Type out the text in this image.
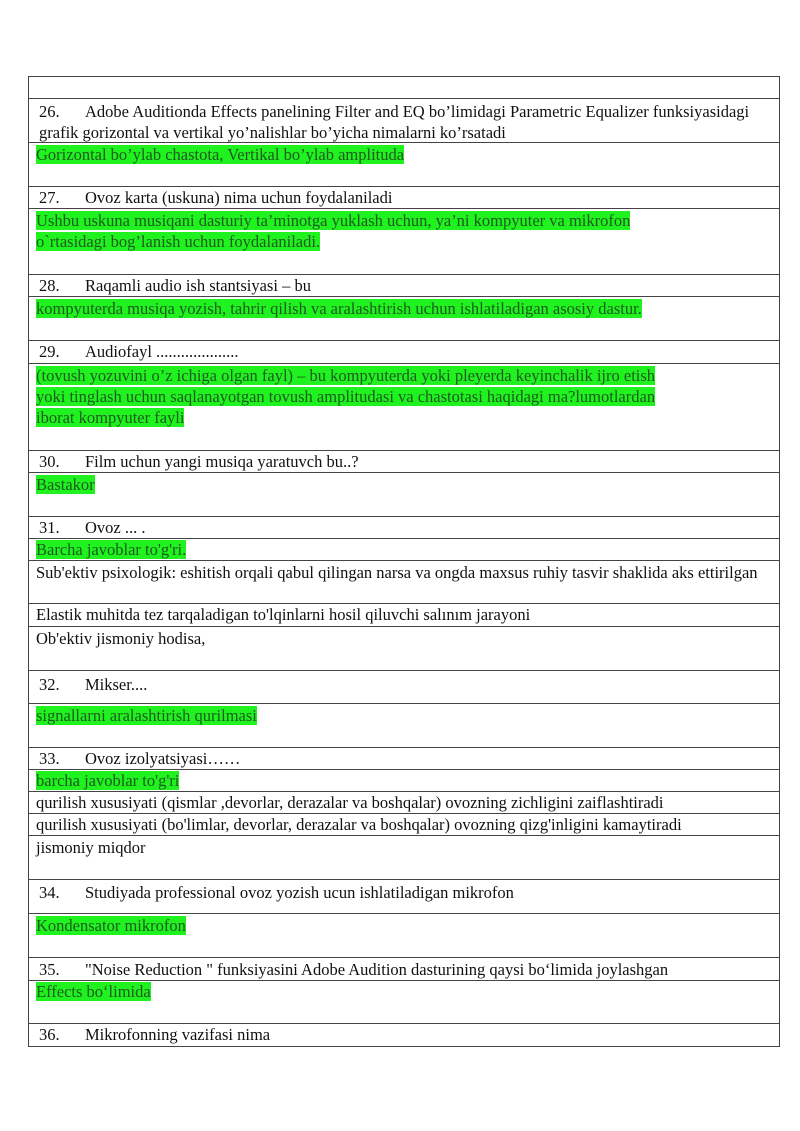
26. Adobe Auditionda Effects panelining Filter and EQ bo’limidagi Parametric Equalizer funksiyasidagi grafik gorizontal va vertikal yo’nalishlar bo’yicha nimalarni ko’rsatadi
Gorizontal bo’ylab chastota, Vertikal bo’ylab amplituda
27. Ovoz karta (uskuna) nima uchun foydalaniladi
Ushbu uskuna musiqani dasturiy ta’minotga yuklash uchun, ya’ni kompyuter va mikrofon
o`rtasidagi bog’lanish uchun foydalaniladi.
28. Raqamli audio ish stantsiyasi – bu
kompyuterda musiqa yozish, tahrir qilish va aralashtirish uchun ishlatiladigan asosiy dastur.
29. Audiofayl ....................
(tovush yozuvini o’z ichiga olgan fayl) – bu kompyuterda yoki pleyerda keyinchalik ijro etish
yoki tinglash uchun saqlanayotgan tovush amplitudasi va chastotasi haqidagi ma?lumotlardan
iborat kompyuter fayli
30. Film uchun yangi musiqa yaratuvch bu..?
Bastakor
31. Ovoz ... .
Barcha javoblar to'g'ri.
Sub'ektiv psixologik: eshitish orqali qabul qilingan narsa va ongda maxsus ruhiy tasvir shaklida aks ettirilgan
Elastik muhitda tez tarqaladigan to'lqinlarni hosil qiluvchi salınım jarayoni
Ob'ektiv jismoniy hodisa,
32. Mikser....
signallarni aralashtirish qurilmasi
33. Ovoz izolyatsiyasi……
barcha javoblar to'g'ri
qurilish xususiyati (qismlar ,devorlar, derazalar va boshqalar) ovozning zichligini zaiflashtiradi
qurilish xususiyati (bo'limlar, devorlar, derazalar va boshqalar) ovozning qizg'inligini kamaytiradi
jismoniy miqdor
34. Studiyada professional ovoz yozish ucun ishlatiladigan mikrofon
Kondensator mikrofon
35. "Noise Reduction " funksiyasini Adobe Audition dasturining qaysi bo‘limida joylashgan
Effects bo‘limida
36. Mikrofonning vazifasi nima
